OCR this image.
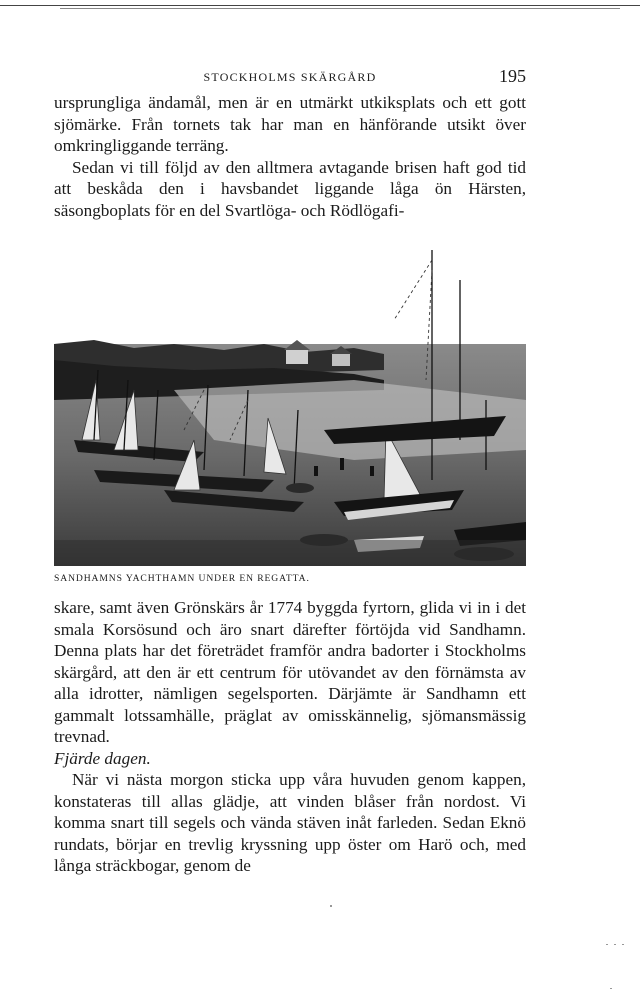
STOCKHOLMS SKÄRGÅRD	195

ursprungliga ändamål, men är en utmärkt utkiksplats och ett gott sjömärke. Från tornets tak har man en hänförande utsikt över omkringliggande terräng.

Sedan vi till följd av den alltmera avtagande brisen haft god tid att beskåda den i havsbandet liggande låga ön Härsten, säsongboplats för en del Svartlöga- och Rödlögafi-

SANDHAMNS YACHTHAMN UNDER EN REGATTA.

skare, samt även Grönskärs år 1774 byggda fyrtorn, glida vi in i det smala Korsösund och äro snart därefter förtöjda vid Sandhamn. Denna plats har det företrädet framför andra badorter i Stockholms skärgård, att den är ett centrum för utövandet av den förnämsta av alla idrotter, nämligen segelsporten. Därjämte är Sandhamn ett gammalt lotssamhälle, präglat av omisskännelig, sjömansmässig trevnad.

Fjärde dagen.

När vi nästa morgon sticka upp våra huvuden genom kappen, konstateras till allas glädje, att vinden blåser från nordost. Vi komma snart till segels och vända stäven inåt farleden. Sedan Eknö rundats, börjar en trevlig kryssning upp öster om Harö och, med långa sträckbogar, genom de
